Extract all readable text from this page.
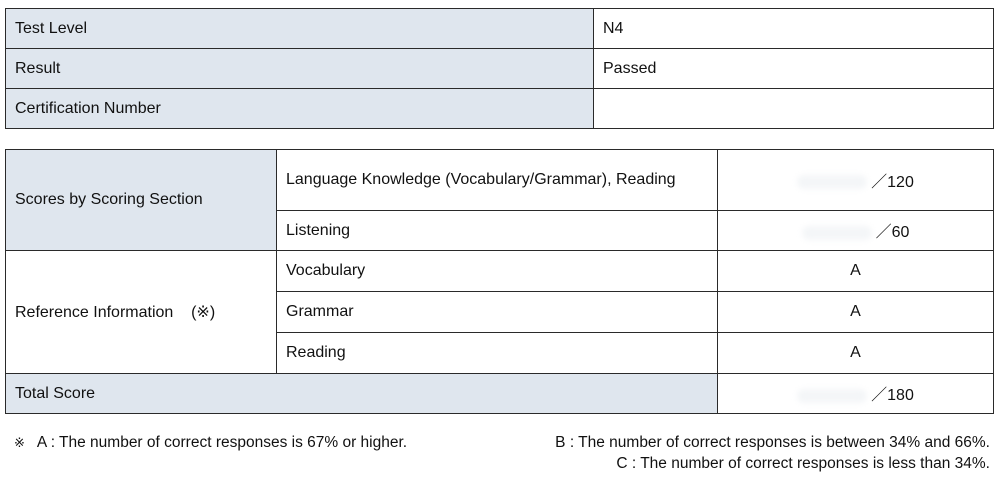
Test Level	N4
Result	Passed
Certification Number	
Scores by Scoring Section	Language Knowledge (Vocabulary/Grammar), Reading	／120
	Listening	／60
Reference Information (※)	Vocabulary	A
	Grammar	A
	Reading	A
Total Score		／180
※ A : The number of correct responses is 67% or higher.	B : The number of correct responses is between 34% and 66%.
C : The number of correct responses is less than 34%.
